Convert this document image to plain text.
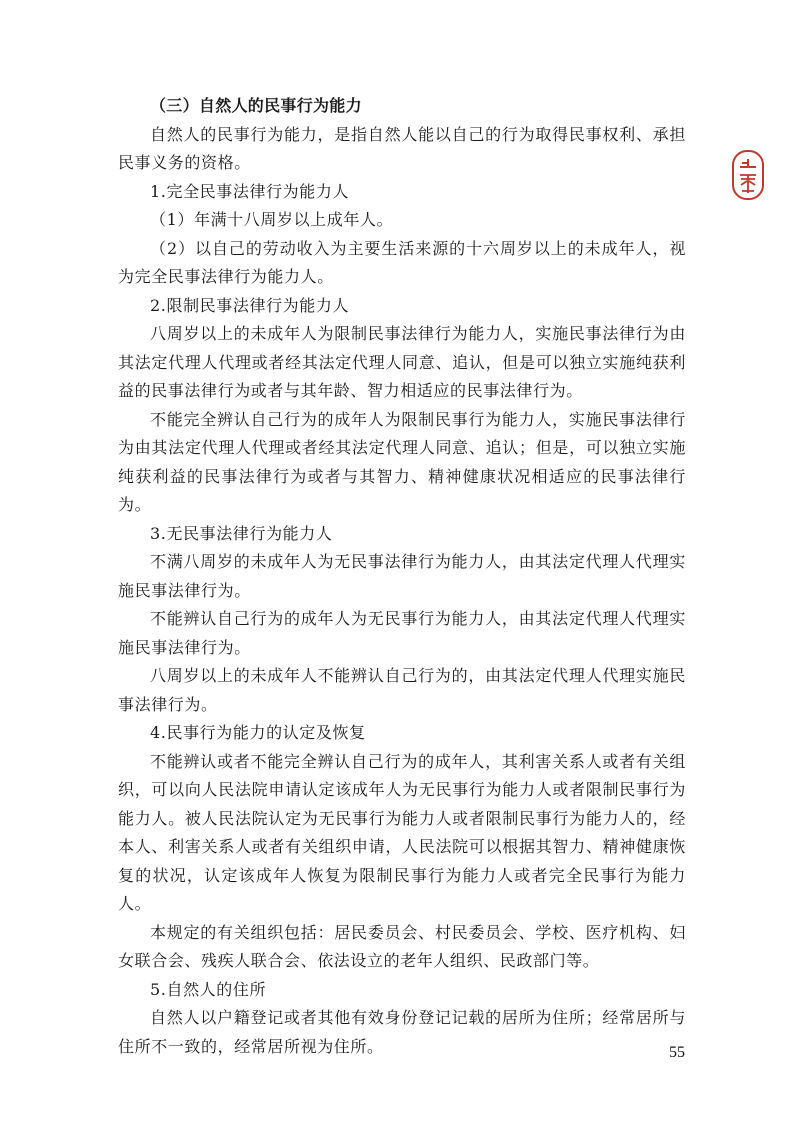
（三）自然人的民事行为能力

自然人的民事行为能力，是指自然人能以自己的行为取得民事权利、承担民事义务的资格。

1.完全民事法律行为能力人

（1）年满十八周岁以上成年人。

（2）以自己的劳动收入为主要生活来源的十六周岁以上的未成年人，视为完全民事法律行为能力人。

2.限制民事法律行为能力人

八周岁以上的未成年人为限制民事法律行为能力人，实施民事法律行为由其法定代理人代理或者经其法定代理人同意、追认，但是可以独立实施纯获利益的民事法律行为或者与其年龄、智力相适应的民事法律行为。

不能完全辨认自己行为的成年人为限制民事行为能力人，实施民事法律行为由其法定代理人代理或者经其法定代理人同意、追认；但是，可以独立实施纯获利益的民事法律行为或者与其智力、精神健康状况相适应的民事法律行为。

3.无民事法律行为能力人

不满八周岁的未成年人为无民事法律行为能力人，由其法定代理人代理实施民事法律行为。

不能辨认自己行为的成年人为无民事行为能力人，由其法定代理人代理实施民事法律行为。

八周岁以上的未成年人不能辨认自己行为的，由其法定代理人代理实施民事法律行为。

4.民事行为能力的认定及恢复

不能辨认或者不能完全辨认自己行为的成年人，其利害关系人或者有关组织，可以向人民法院申请认定该成年人为无民事行为能力人或者限制民事行为能力人。被人民法院认定为无民事行为能力人或者限制民事行为能力人的，经本人、利害关系人或者有关组织申请，人民法院可以根据其智力、精神健康恢复的状况，认定该成年人恢复为限制民事行为能力人或者完全民事行为能力人。

本规定的有关组织包括：居民委员会、村民委员会、学校、医疗机构、妇女联合会、残疾人联合会、依法设立的老年人组织、民政部门等。

5.自然人的住所

自然人以户籍登记或者其他有效身份登记记载的居所为住所；经常居所与住所不一致的，经常居所视为住所。	55
